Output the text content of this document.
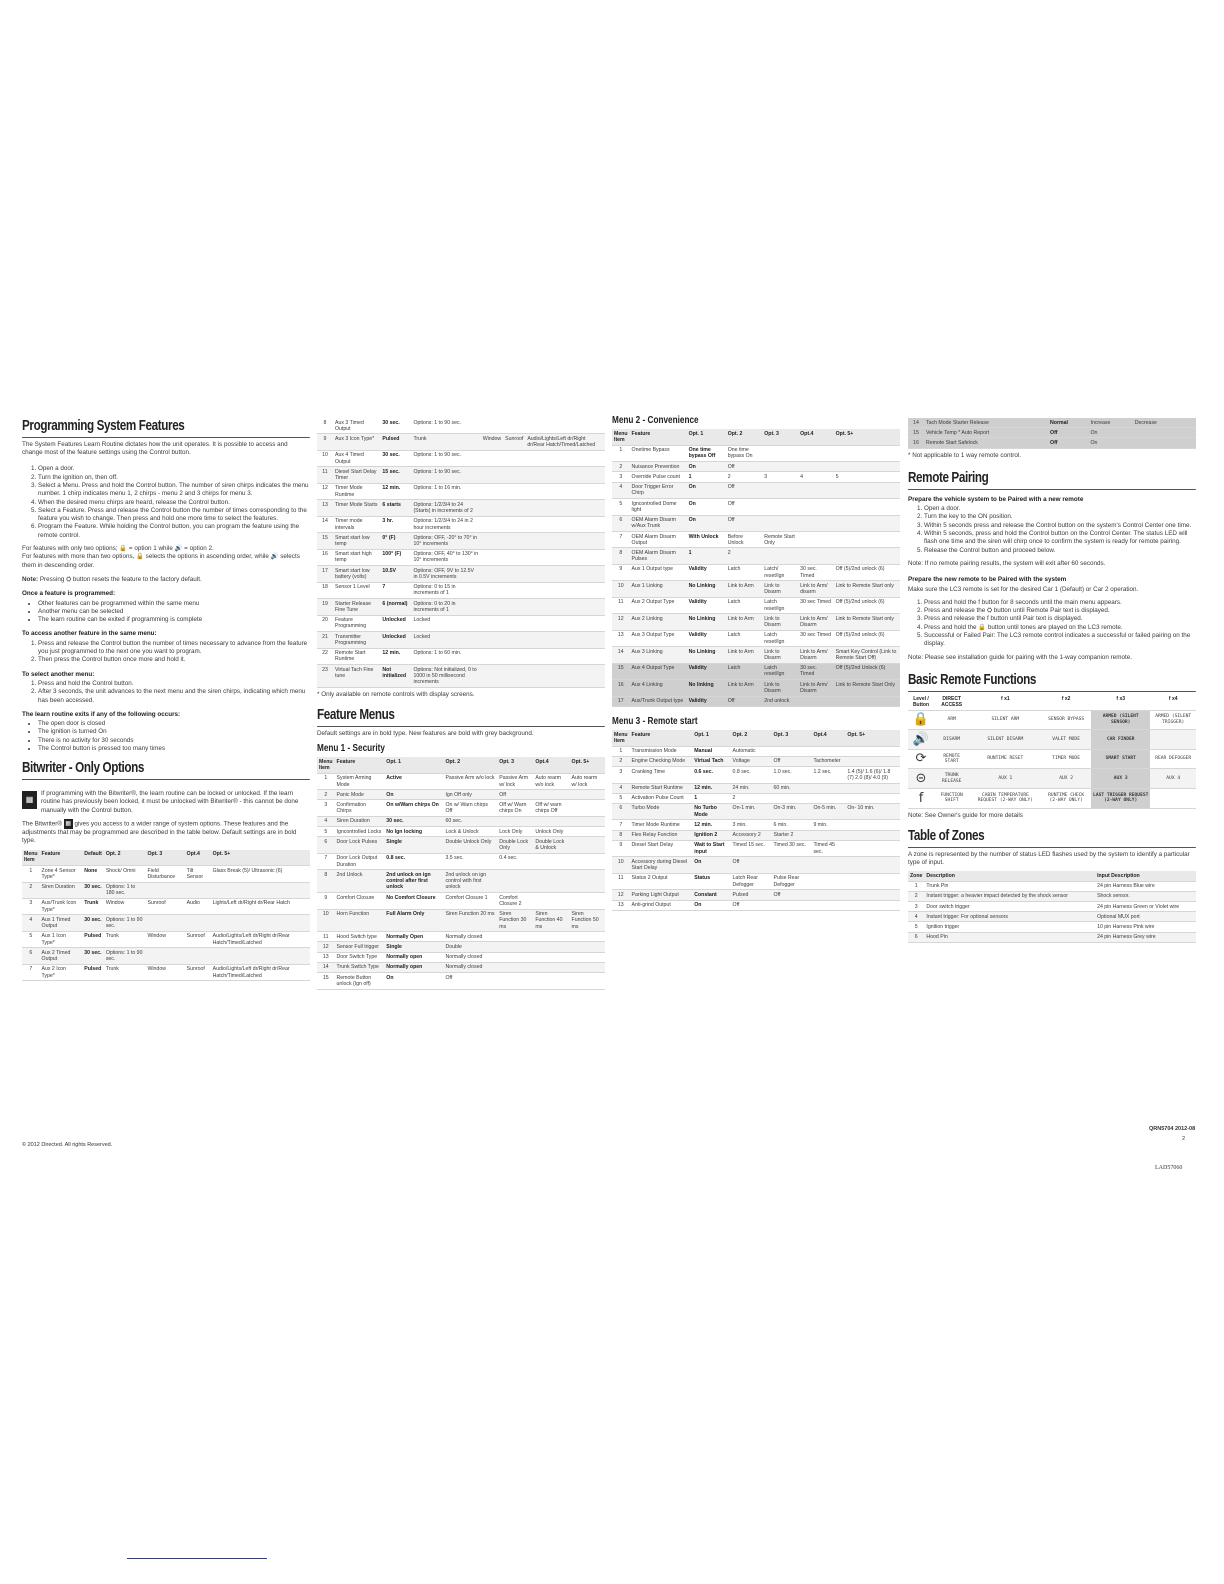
Programming System Features

The System Features Learn Routine dictates how the unit operates. It is possible to access and change most of the feature settings using the Control button.

1. Open a door.
2. Turn the ignition on, then off.
3. Select a Menu. Press and hold the Control button. The number of siren chirps indicates the menu number. 1 chirp indicates menu 1, 2 chirps - menu 2 and 3 chirps for menu 3.
4. When the desired menu chirps are heard, release the Control button.
5. Select a Feature. Press and release the Control button the number of times corresponding to the feature you wish to change. Then press and hold one more time to select the features.
6. Program the Feature. While holding the Control button, you can program the feature using the remote control.

For features with only two options; 🔒 = option 1 while 🔊 = option 2.

For features with more than two options, 🔒 selects the options in ascending order, while 🔊 selects them in descending order.

Note: Pressing ⛭ button resets the feature to the factory default.

Once a feature is programmed:
• Other features can be programmed within the same menu
• Another menu can be selected
• The learn routine can be exited if programming is complete
To access another feature in the same menu:
1. Press and release the Control button the number of times necessary to advance from the feature you just programmed to the next one you want to program.
2. Then press the Control button once more and hold it.
To select another menu:
1. Press and hold the Control button.
2. After 3 seconds, the unit advances to the next menu and the siren chirps, indicating which menu has been accessed.
The learn routine exits if any of the following occurs:
• The open door is closed
• The ignition is turned On
• There is no activity for 30 seconds
• The Control button is pressed too many times
Bitwriter - Only Options

▦
If programming with the Bitwriter®, the learn routine can be locked or unlocked. If the learn routine has previously been locked, it must be unlocked with Bitwriter® - this cannot be done manually with the Control button.

The Bitwriter® ▦ gives you access to a wider range of system options. These features and the adjustments that may be programmed are described in the table below. Default settings are in bold type.

Menu Item	Feature	Default	Opt. 2	Opt. 3	Opt.4	Opt. 5+
1	Zone 4 Sensor Type*	None	Shock/ Omni	Field Disturbance	Tilt Sensor	Glass Break (5)/ Ultrasonic (6)
2	Siren Duration	30 sec.	Options: 1 to 180 sec.			
3	Aux/Trunk Icon Type*	Trunk	Window	Sunroof	Audio	Lights/Left dr/Right dr/Rear Hatch
4	Aux 1 Timed Output	30 sec.	Options: 1 to 90 sec.			
5	Aux 1 Icon Type*	Pulsed	Trunk	Window	Sunroof	Audio/Lights/Left dr/Right dr/Rear Hatch/Timed/Latched
6	Aux 2 Timed Output	30 sec.	Options: 1 to 90 sec.			
7	Aux 2 Icon Type*	Pulsed	Trunk	Window	Sunroof	Audio/Lights/Left dr/Right dr/Rear Hatch/Timed/Latched
© 2012 Directed. All rights Reserved.
8	Aux 3 Timed Output	30 sec.	Options: 1 to 90 sec.			
9	Aux 3 Icon Type*	Pulsed	Trunk	Window	Sunroof	Audio/Lights/Left dr/Right dr/Rear Hatch/Timed/Latched
10	Aux 4 Timed Output	30 sec.	Options: 1 to 90 sec.			
11	Diesel Start Delay Timer	15 sec.	Options: 1 to 90 sec.			
12	Timer Mode Runtime	12 min.	Options: 1 to 16 min.			
13	Timer Mode Starts	6 starts	Options: 1/2/3/4 to 24 (Starts) in increments of 2			
14	Timer mode intervals	3 hr.	Options: 1/2/3/4 to 24 in 2 hour increments			
15	Smart start low temp	0° (F)	Options: OFF, -20° to 70° in 10° increments			
16	Smart start high temp	100° (F)	Options: OFF, 40° to 130° in 10° increments			
17	Smart start low battery (volts)	10.5V	Options: OFF, 9V to 12.5V in 0.5V increments			
18	Sensor 1 Level	7	Options: 0 to 15 in increments of 1			
19	Starter Release Fine Tune	6 (normal)	Options: 0 to 20 in increments of 1			
20	Feature Programming	Unlocked	Locked			
21	Transmitter Programming	Unlocked	Locked			
22	Remote Start Runtime	12 min.	Options: 1 to 60 min.			
23	Virtual Tach Fine tune	Not initialized	Options: Not initialized, 0 to 1000 in 50 millisecond increments			

* Only available on remote controls with display screens.

Feature Menus

Default settings are in bold type. New features are bold with grey background.

Menu 1 - Security
Menu Item	Feature	Opt. 1	Opt. 2	Opt. 3	Opt.4	Opt. 5+
1	System Arming Mode	Active	Passive Arm w/o lock	Passive Arm w/ lock	Auto rearm w/o lock	Auto rearm w/ lock
2	Panic Mode	On	Ign Off only	Off		
3	Confirmation Chirps	On w/Warn chirps On	On w/ Warn chirps Off	Off w/ Warn chirps On	Off w/ warn chirps Off	
4	Siren Duration	30 sec.	60 sec.			
5	Igncontrolled Locks	No Ign locking	Lock & Unlock	Lock Only	Unlock Only	
6	Door Lock Pulses	Single	Double Unlock Only	Double Lock Only	Double Lock & Unlock	
7	Door Lock Output Duration	0.8 sec.	3.5 sec.	0.4 sec.		
8	2nd Unlock	2nd unlock on ign control after first unlock	2nd unlock on ign control with first unlock			
9	Comfort Closure	No Comfort Closure	Comfort Closure 1	Comfort Closure 2		
10	Horn Function	Full Alarm Only	Siren Function 20 ms	Siren Function 30 ms	Siren Function 40 ms	Siren Function 50 ms
11	Hood Switch type	Normally Open	Normally closed			
12	Sensor Full trigger	Single	Double			
13	Door Switch Type	Normally open	Normally closed			
14	Trunk Switch Type	Normally open	Normally closed			
15	Remote Button unlock (Ign off)	On	Off			
Menu 2 - Convenience
Menu Item	Feature	Opt. 1	Opt. 2	Opt. 3	Opt.4	Opt. 5+
1	Onetime Bypass	One time bypass Off	One time bypass On			
2	Nuisance Prevention	On	Off			
3	Override Pulse count	1	2	3	4	5
4	Door Trigger Error Chirp	On	Off			
5	Igncontrolled Dome light	On	Off			
6	OEM Alarm Disarm w/Aux Trunk	On	Off			
7	OEM Alarm Disarm Output	With Unlock	Before Unlock	Remote Start Only		
8	OEM Alarm Disarm Pulses	1	2			
9	Aux 1 Output type	Validity	Latch	Latch/ reset/Ign	30 sec. Timed	Off (5)/2nd unlock (6)
10	Aux 1 Linking	No Linking	Link to Arm	Link to Disarm	Link to Arm/ disarm	Link to Remote Start only
11	Aux 2 Output Type	Validity	Latch	Latch reset/Ign	30 sec Timed	Off (5)/2nd unlock (6)
12	Aux 2 Linking	No Linking	Link to Arm	Link to Disarm	Link to Arm/ Disarm	Link to Remote Start only
13	Aux 3 Output Type	Validity	Latch	Latch reset/Ign	30 sec Timed	Off (5)/2nd unlock (6)
14	Aux 3 Linking	No Linking	Link to Arm	Link to Disarm	Link to Arm/ Disarm	Smart Key Control (Link to Remote Start Off)
15	Aux 4 Output Type	Validity	Latch	Latch reset/Ign	30 sec. Timed	Off (5)/2nd Unlock (6)
16	Aux 4 Linking	No linking	Link to Arm	Link to Disarm	Link to Arm/ Disarm	Link to Remote Start Only
17	Aux/Trunk Output type	Validity	Off	2nd unlock		
Menu 3 - Remote start
Menu Item	Feature	Opt. 1	Opt. 2	Opt. 3	Opt.4	Opt. 5+
1	Transmission Mode	Manual	Automatic			
2	Engine Checking Mode	Virtual Tach	Voltage	Off	Tachometer	
3	Cranking Time	0.6 sec.	0.8 sec.	1.0 sec.	1.2 sec.	1.4 (5)/ 1.6 (6)/ 1.8 (7) 2.0 (8)/ 4.0 (9)
4	Remote Start Runtime	12 min.	24 min.	60 min.		
5	Activation Pulse Count	1	2			
6	Turbo Mode	No Turbo Mode	On-1 min.	On-3 min.	On-5 min.	On- 10 min.
7	Timer Mode Runtime	12 min.	3 min.	6 min.	9 min.	
8	Flex Relay Function	Ignition 2	Accessory 2	Starter 2		
9	Diesel Start Delay	Wait to Start input	Timed 15 sec.	Timed 30 sec.	Timed 45 sec.	
10	Accessory during Diesel Start Delay	On	Off			
11	Status 2 Output	Status	Latch Rear Defogger	Pulse Rear Defogger		
12	Parking Light Output	Constant	Pulsed	Off		
13	Anti-grind Output	On	Off			
14	Tach Mode Starter Release	Normal	Increase	Decrease		
15	Vehicle Temp * Auto Report	Off	On			
16	Remote Start Safelock	Off	On			

* Not applicable to 1 way remote control.

Remote Pairing
Prepare the vehicle system to be Paired with a new remote
1. Open a door.
2. Turn the key to the ON position.
3. Within 5 seconds press and release the Control button on the system's Control Center one time.
4. Within 5 seconds, press and hold the Control button on the Control Center. The status LED will flash one time and the siren will chirp once to confirm the system is ready for remote pairing.
5. Release the Control button and proceed below.

Note: If no remote pairing results, the system will exit after 60 seconds.

Prepare the new remote to be Paired with the system

Make sure the LC3 remote is set for the desired Car 1 (Default) or Car 2 operation.

1. Press and hold the f button for 8 seconds until the main menu appears.
2. Press and release the ⛭ button until Remote Pair text is displayed.
3. Press and release the f button until Pair text is displayed.
4. Press and hold the 🔒 button until tones are played on the LC3 remote.
5. Successful or Failed Pair: The LC3 remote control indicates a successful or failed pairing on the display.

Note: Please see installation guide for pairing with the 1-way companion remote.

Basic Remote Functions
Level / Button	DIRECT ACCESS	f x1	f x2	f x3	f x4
🔒	ARM	SILENT ARM	SENSOR BYPASS	ARMED (SILENT SENSOR)	ARMED (SILENT TRIGGER)
🔊	DISARM	SILENT DISARM	VALET MODE	CAR FINDER	
⟳	REMOTE START	RUNTIME RESET	TIMER MODE	SMART START	REAR DEFOGGER
⊝	TRUNK RELEASE	AUX 1	AUX 2	AUX 3	AUX 4
f	FUNCTION SHIFT	CABIN TEMPERATURE REQUEST (2-WAY ONLY)	RUNTIME CHECK (2-WAY ONLY)	LAST TRIGGER REQUEST (2-WAY ONLY)	

Note: See Owner's guide for more details

Table of Zones

A zone is represented by the number of status LED flashes used by the system to identify a particular type of input.

Zone	Description	Input Description
1	Trunk Pin	24 pin Harness Blue wire
2	Instant trigger: a heavier impact detected by the shock sensor	Shock sensor.
3	Door switch trigger	24 pin Harness Green or Violet wire
4	Instant trigger: For optional sensors	Optional MUX port
5	Ignition trigger	10 pin Harness Pink wire
6	Hood Pin	24 pin Harness Grey wire
QRN5704 2012-08
2
LAD57060
